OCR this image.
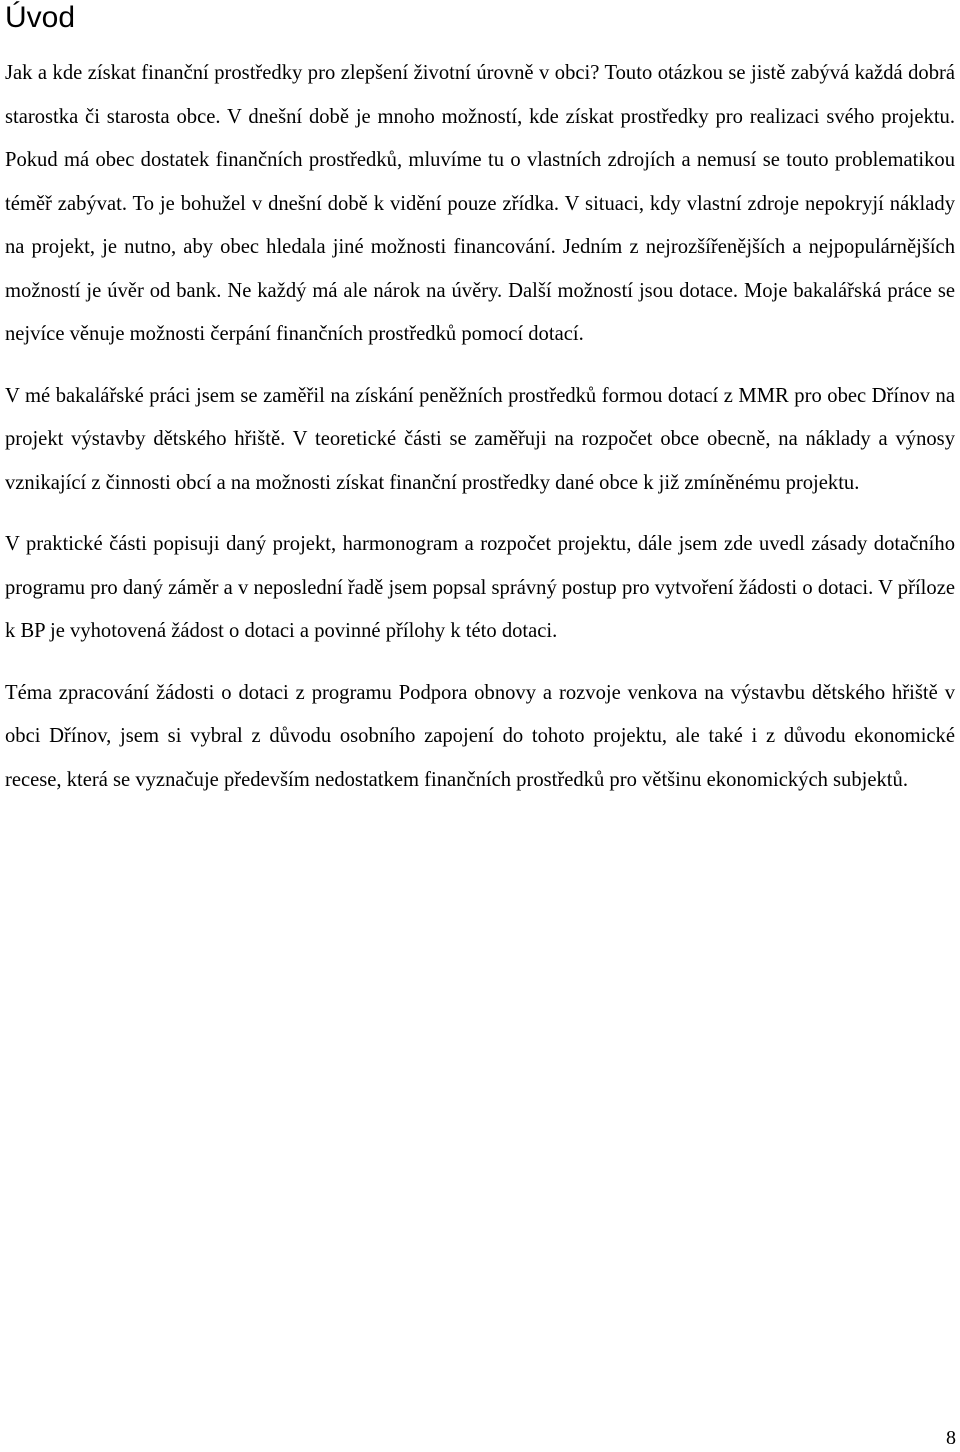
Úvod

Jak a kde získat finanční prostředky pro zlepšení životní úrovně v obci? Touto otázkou se jistě zabývá každá dobrá starostka či starosta obce. V dnešní době je mnoho možností, kde získat prostředky pro realizaci svého projektu. Pokud má obec dostatek finančních prostředků, mluvíme tu o vlastních zdrojích a nemusí se touto problematikou téměř zabývat. To je bohužel v dnešní době k vidění pouze zřídka. V situaci, kdy vlastní zdroje nepokryjí náklady na projekt, je nutno, aby obec hledala jiné možnosti financování. Jedním z nejrozšířenějších a nejpopulárnějších možností je úvěr od bank. Ne každý má ale nárok na úvěry. Další možností jsou dotace. Moje bakalářská práce se nejvíce věnuje možnosti čerpání finančních prostředků pomocí dotací.

V mé bakalářské práci jsem se zaměřil na získání peněžních prostředků formou dotací z MMR pro obec Dřínov na projekt výstavby dětského hřiště. V teoretické části se zaměřuji na rozpočet obce obecně, na náklady a výnosy vznikající z činnosti obcí a na možnosti získat finanční prostředky dané obce k již zmíněnému projektu.

V praktické části popisuji daný projekt, harmonogram a rozpočet projektu, dále jsem zde uvedl zásady dotačního programu pro daný záměr a v neposlední řadě jsem popsal správný postup pro vytvoření žádosti o dotaci. V příloze k BP je vyhotovená žádost o dotaci a povinné přílohy k této dotaci.

Téma zpracování žádosti o dotaci z programu Podpora obnovy a rozvoje venkova na výstavbu dětského hřiště v obci Dřínov, jsem si vybral z důvodu osobního zapojení do tohoto projektu, ale také i z důvodu ekonomické recese, která se vyznačuje především nedostatkem finančních prostředků pro většinu ekonomických subjektů.

8
